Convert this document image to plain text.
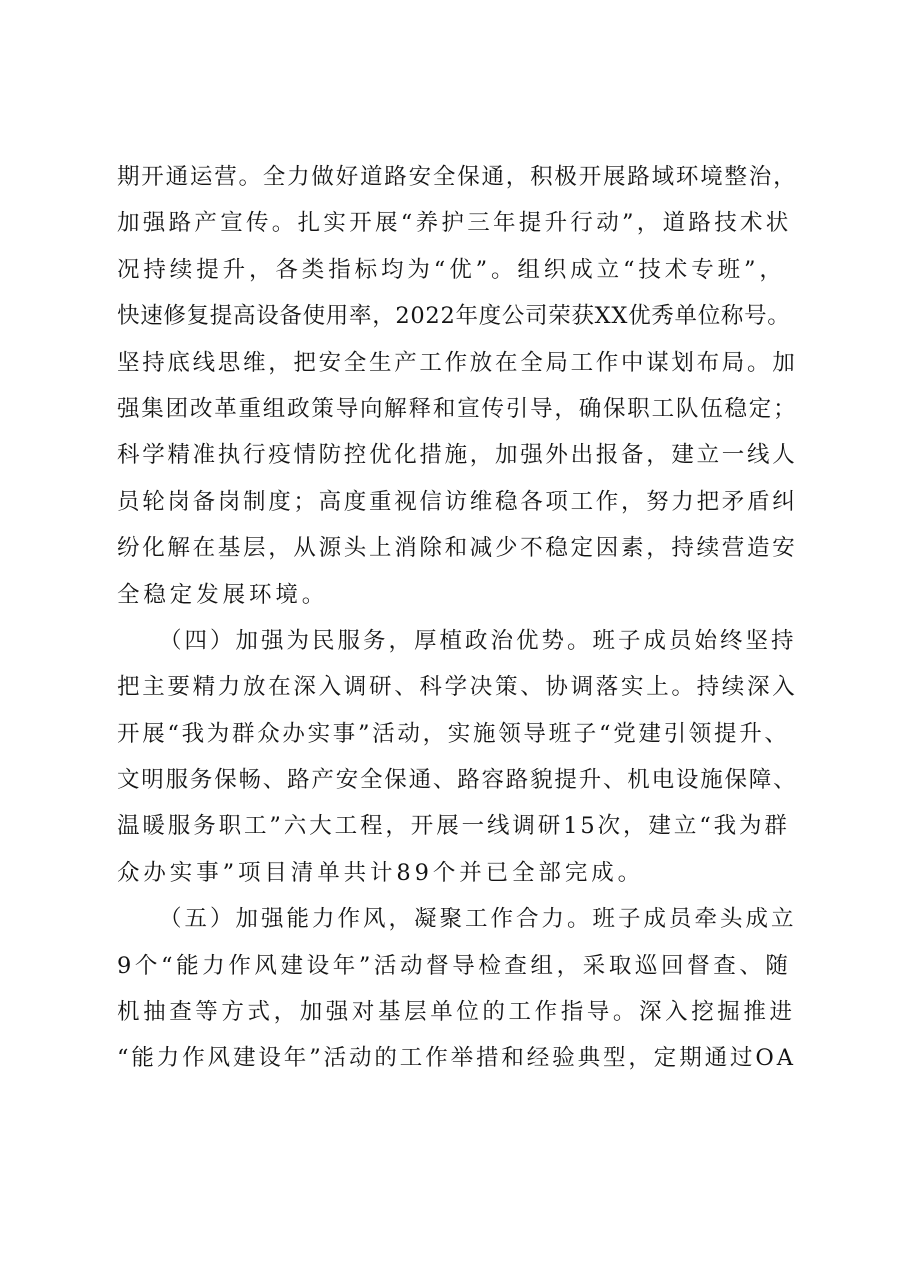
期开通运营。全力做好道路安全保通，积极开展路域环境整治，
加强路产宣传。扎实开展“养护三年提升行动”，道路技术状
况持续提升，各类指标均为“优”。组织成立“技术专班”，
快速修复提高设备使用率，2022年度公司荣获XX优秀单位称号。
坚持底线思维，把安全生产工作放在全局工作中谋划布局。加
强集团改革重组政策导向解释和宣传引导，确保职工队伍稳定；
科学精准执行疫情防控优化措施，加强外出报备，建立一线人
员轮岗备岗制度；高度重视信访维稳各项工作，努力把矛盾纠
纷化解在基层，从源头上消除和减少不稳定因素，持续营造安
全稳定发展环境。
（四）加强为民服务，厚植政治优势。班子成员始终坚持
把主要精力放在深入调研、科学决策、协调落实上。持续深入
开展“我为群众办实事”活动，实施领导班子“党建引领提升、
文明服务保畅、路产安全保通、路容路貌提升、机电设施保障、
温暖服务职工”六大工程，开展一线调研15次，建立“我为群
众办实事”项目清单共计89个并已全部完成。
（五）加强能力作风，凝聚工作合力。班子成员牵头成立
9个“能力作风建设年”活动督导检查组，采取巡回督查、随
机抽查等方式，加强对基层单位的工作指导。深入挖掘推进
“能力作风建设年”活动的工作举措和经验典型，定期通过OA
